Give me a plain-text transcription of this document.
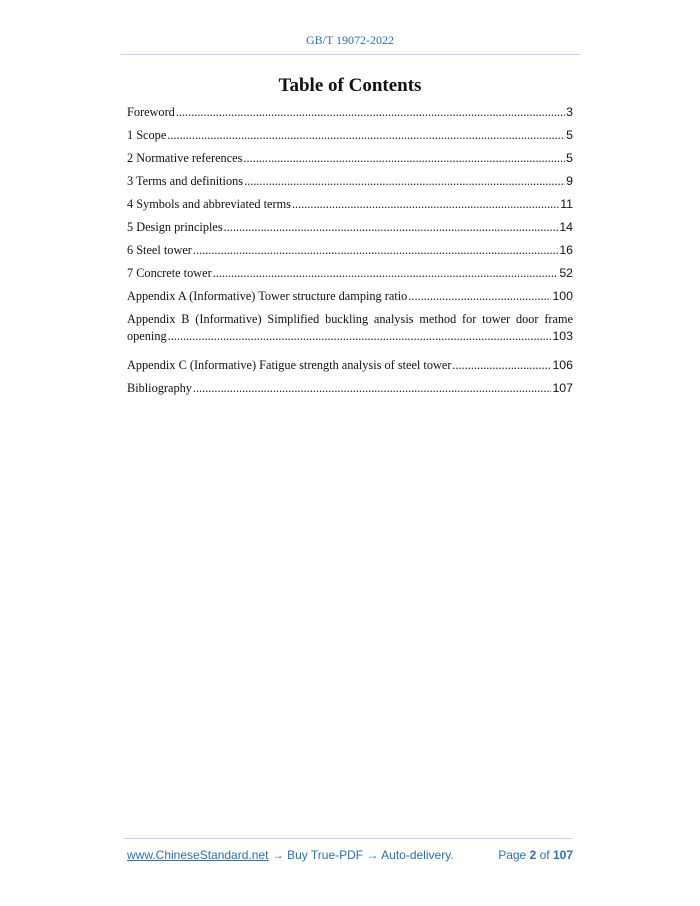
GB/T 19072-2022
Table of Contents
Foreword .....	3
1 Scope .....	5
2 Normative references .....	5
3 Terms and definitions .....	9
4 Symbols and abbreviated terms .....	11
5 Design principles .....	14
6 Steel tower .....	16
7 Concrete tower .....	52
Appendix A (Informative) Tower structure damping ratio .....	100
Appendix B (Informative) Simplified buckling analysis method for tower door frame
opening .....	103
Appendix C (Informative) Fatigue strength analysis of steel tower .....	106
Bibliography .....	107
www.ChineseStandard.net → Buy True-PDF → Auto-delivery.	Page 2 of 107
